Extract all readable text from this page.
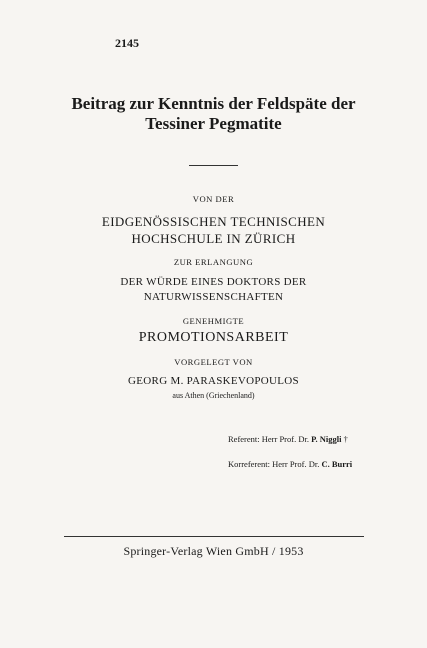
2145
Beitrag zur Kenntnis der Feldspäte der
Tessiner Pegmatite
VON DER
EIDGENÖSSISCHEN TECHNISCHEN
HOCHSCHULE IN ZÜRICH
ZUR ERLANGUNG
DER WÜRDE EINES DOKTORS DER
NATURWISSENSCHAFTEN
GENEHMIGTE
PROMOTIONSARBEIT
VORGELEGT VON
GEORG M. PARASKEVOPOULOS
aus Athen (Griechenland)
Referent: Herr Prof. Dr. P. Niggli †
Korreferent: Herr Prof. Dr. C. Burri
Springer-Verlag Wien GmbH / 1953
